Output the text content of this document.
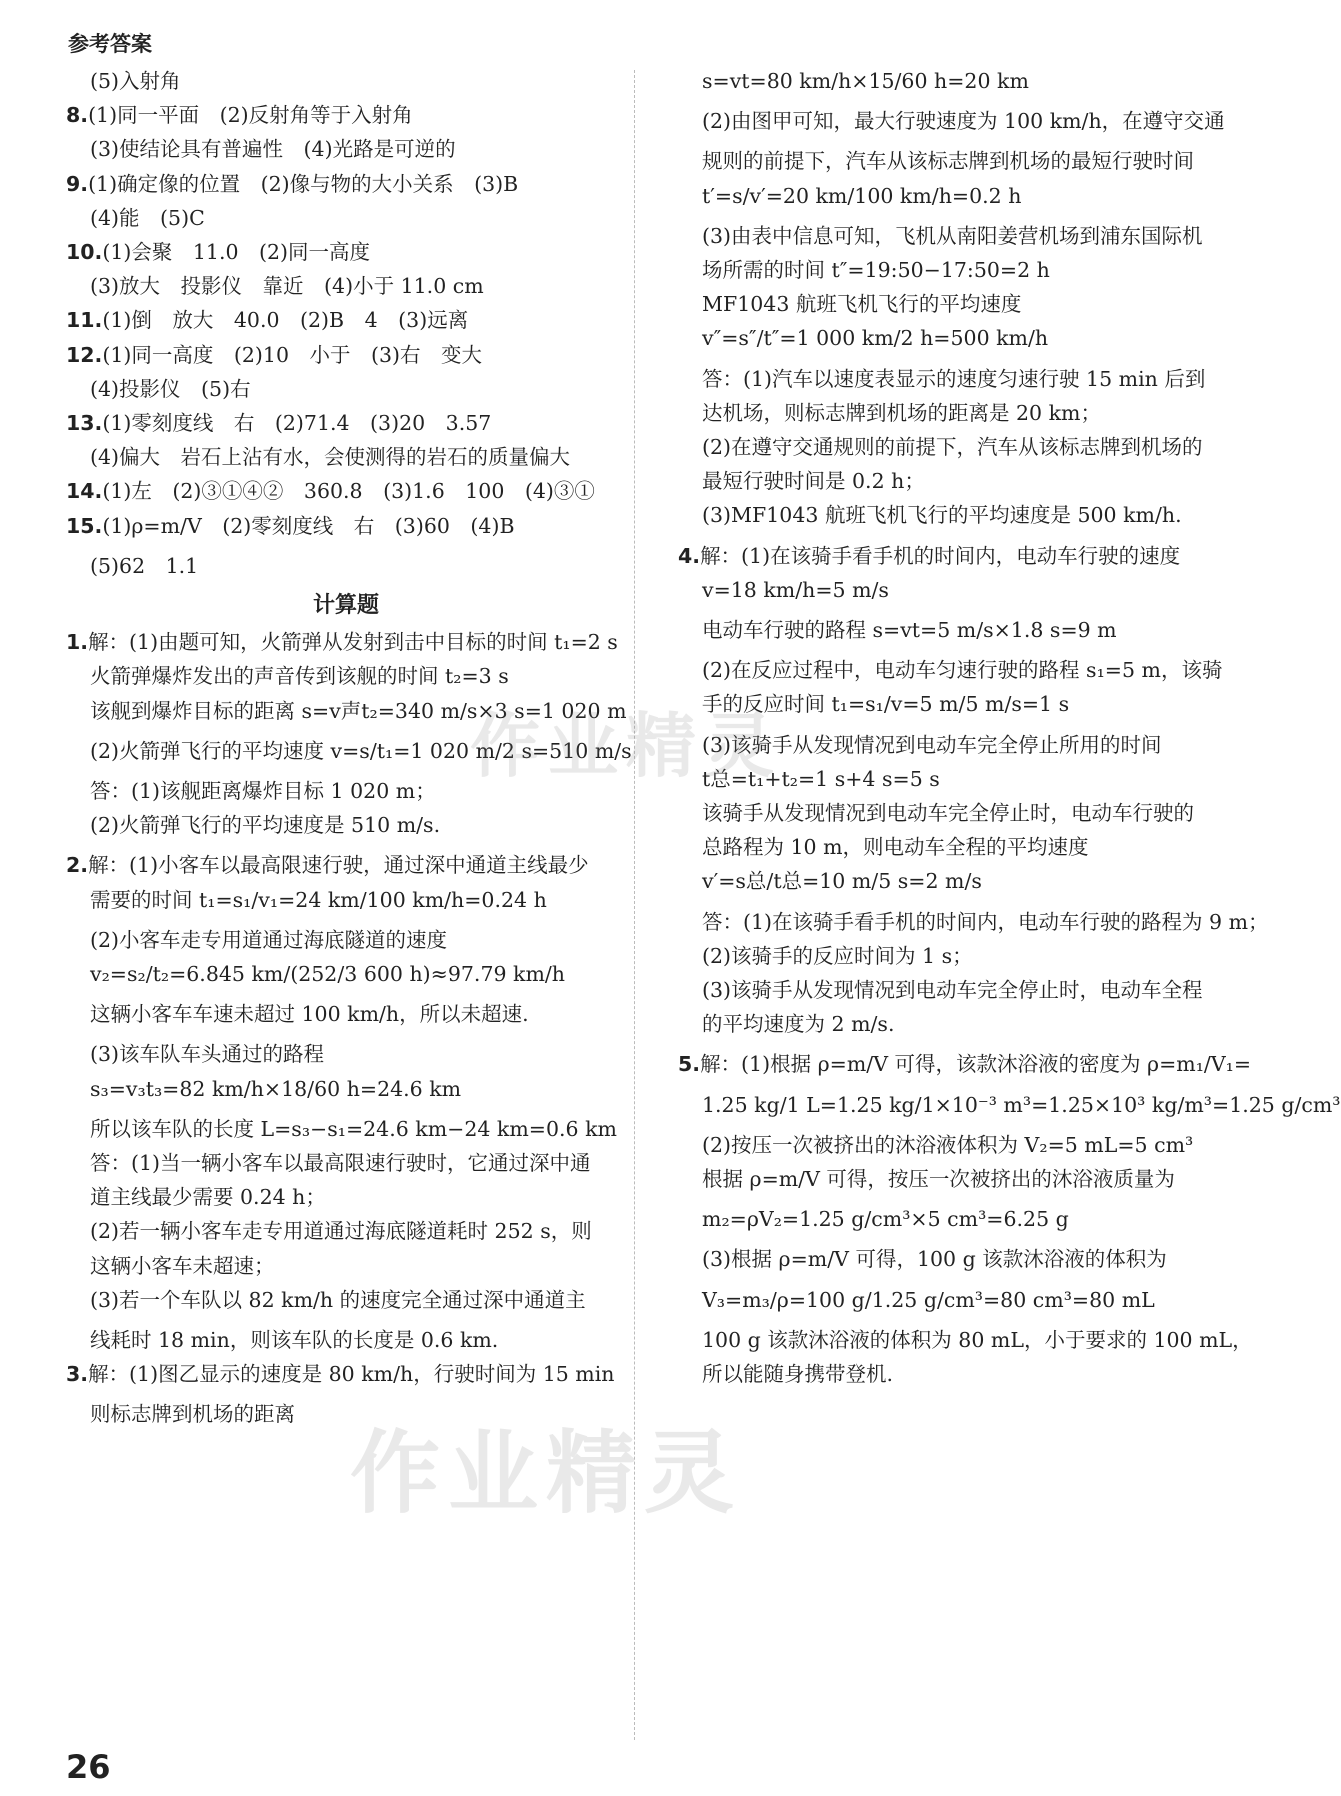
参考答案
(5)入射角
8.(1)同一平面　(2)反射角等于入射角
(3)使结论具有普遍性　(4)光路是可逆的
9.(1)确定像的位置　(2)像与物的大小关系　(3)B
(4)能　(5)C
10.(1)会聚　11.0　(2)同一高度
(3)放大　投影仪　靠近　(4)小于 11.0 cm
11.(1)倒　放大　40.0　(2)B　4　(3)远离
12.(1)同一高度　(2)10　小于　(3)右　变大
(4)投影仪　(5)右
13.(1)零刻度线　右　(2)71.4　(3)20　3.57
(4)偏大　岩石上沾有水，会使测得的岩石的质量偏大
14.(1)左　(2)③①④②　360.8　(3)1.6　100　(4)③①
15.(1)ρ=m/V　(2)零刻度线　右　(3)60　(4)B
(5)62　1.1
计算题
1.解：(1)由题可知，火箭弹从发射到击中目标的时间 t₁=2 s
火箭弹爆炸发出的声音传到该舰的时间 t₂=3 s
该舰到爆炸目标的距离 s=v声t₂=340 m/s×3 s=1 020 m
(2)火箭弹飞行的平均速度 v=s/t₁=1 020 m/2 s=510 m/s
答：(1)该舰距离爆炸目标 1 020 m；
(2)火箭弹飞行的平均速度是 510 m/s.
2.解：(1)小客车以最高限速行驶，通过深中通道主线最少
需要的时间 t₁=s₁/v₁=24 km/100 km/h=0.24 h
(2)小客车走专用道通过海底隧道的速度
v₂=s₂/t₂=6.845 km/(252/3 600 h)≈97.79 km/h
这辆小客车车速未超过 100 km/h，所以未超速.
(3)该车队车头通过的路程
s₃=v₃t₃=82 km/h×18/60 h=24.6 km
所以该车队的长度 L=s₃−s₁=24.6 km−24 km=0.6 km
答：(1)当一辆小客车以最高限速行驶时，它通过深中通
道主线最少需要 0.24 h；
(2)若一辆小客车走专用道通过海底隧道耗时 252 s，则
这辆小客车未超速；
(3)若一个车队以 82 km/h 的速度完全通过深中通道主
线耗时 18 min，则该车队的长度是 0.6 km.
3.解：(1)图乙显示的速度是 80 km/h，行驶时间为 15 min
则标志牌到机场的距离
s=vt=80 km/h×15/60 h=20 km
(2)由图甲可知，最大行驶速度为 100 km/h，在遵守交通
规则的前提下，汽车从该标志牌到机场的最短行驶时间
t′=s/v′=20 km/100 km/h=0.2 h
(3)由表中信息可知，飞机从南阳姜营机场到浦东国际机
场所需的时间 t″=19:50−17:50=2 h
MF1043 航班飞机飞行的平均速度
v″=s″/t″=1 000 km/2 h=500 km/h
答：(1)汽车以速度表显示的速度匀速行驶 15 min 后到
达机场，则标志牌到机场的距离是 20 km；
(2)在遵守交通规则的前提下，汽车从该标志牌到机场的
最短行驶时间是 0.2 h；
(3)MF1043 航班飞机飞行的平均速度是 500 km/h.
4.解：(1)在该骑手看手机的时间内，电动车行驶的速度
v=18 km/h=5 m/s
电动车行驶的路程 s=vt=5 m/s×1.8 s=9 m
(2)在反应过程中，电动车匀速行驶的路程 s₁=5 m，该骑
手的反应时间 t₁=s₁/v=5 m/5 m/s=1 s
(3)该骑手从发现情况到电动车完全停止所用的时间
t总=t₁+t₂=1 s+4 s=5 s
该骑手从发现情况到电动车完全停止时，电动车行驶的
总路程为 10 m，则电动车全程的平均速度
v′=s总/t总=10 m/5 s=2 m/s
答：(1)在该骑手看手机的时间内，电动车行驶的路程为 9 m；
(2)该骑手的反应时间为 1 s；
(3)该骑手从发现情况到电动车完全停止时，电动车全程
的平均速度为 2 m/s.
5.解：(1)根据 ρ=m/V 可得，该款沐浴液的密度为 ρ=m₁/V₁=
1.25 kg/1 L=1.25 kg/1×10⁻³ m³=1.25×10³ kg/m³=1.25 g/cm³
(2)按压一次被挤出的沐浴液体积为 V₂=5 mL=5 cm³
根据 ρ=m/V 可得，按压一次被挤出的沐浴液质量为
m₂=ρV₂=1.25 g/cm³×5 cm³=6.25 g
(3)根据 ρ=m/V 可得，100 g 该款沐浴液的体积为
V₃=m₃/ρ=100 g/1.25 g/cm³=80 cm³=80 mL
100 g 该款沐浴液的体积为 80 mL，小于要求的 100 mL，
所以能随身携带登机.
26
作业精灵
作业精灵
